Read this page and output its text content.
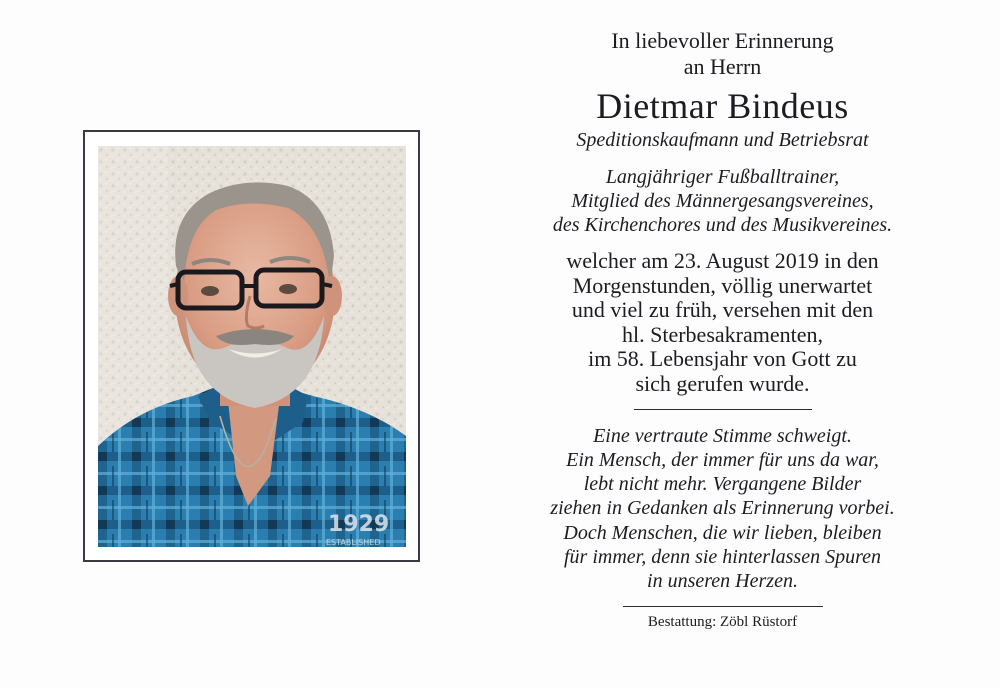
1929
ESTABLISHED
In liebevoller Erinnerung
an Herrn
Dietmar Bindeus
Speditionskaufmann und Betriebsrat
Langjähriger Fußballtrainer,
Mitglied des Männergesangsvereines,
des Kirchenchores und des Musikvereines.
welcher am 23. August 2019 in den
Morgenstunden, völlig unerwartet
und viel zu früh, versehen mit den
hl. Sterbesakramenten,
im 58. Lebensjahr von Gott zu
sich gerufen wurde.
Eine vertraute Stimme schweigt.
Ein Mensch, der immer für uns da war,
lebt nicht mehr. Vergangene Bilder
ziehen in Gedanken als Erinnerung vorbei.
Doch Menschen, die wir lieben, bleiben
für immer, denn sie hinterlassen Spuren
in unseren Herzen.
Bestattung: Zöbl Rüstorf
